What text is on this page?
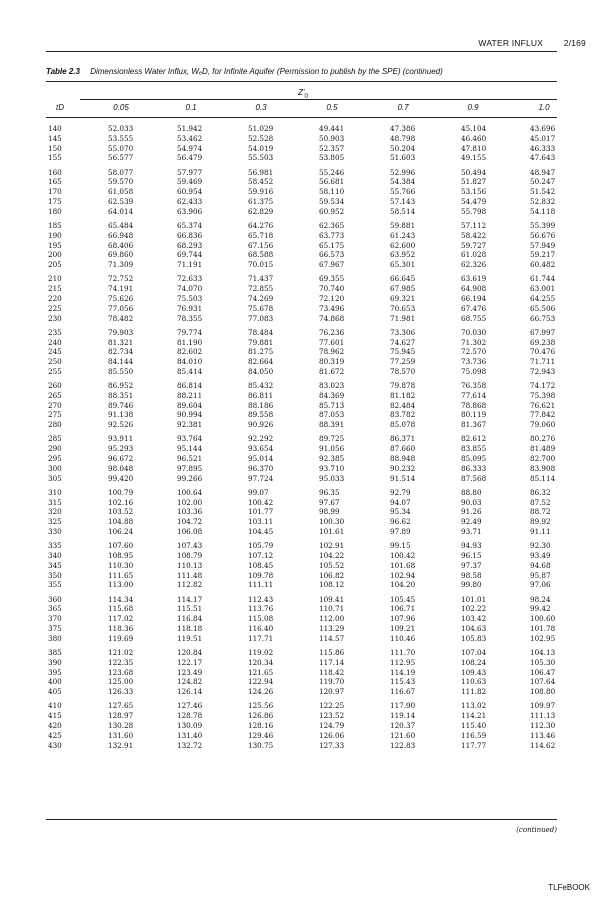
WATER INFLUX 2/169
Table 2.3 Dimensionless Water Influx, WₑD, for Infinite Aquifer (Permission to publish by the SPE) (continued)
$Z'_D$
tD	0.05	0.1	0.3	0.5	0.7	0.9	1.0
140	52.033	51.942	51.029	49.441	47.386	45.104	43.696
145	53.555	53.462	52.528	50.903	48.798	46.460	45.017
150	55.070	54.974	54.019	52.357	50.204	47.810	46.333
155	56.577	56.479	55.503	53.805	51.603	49.155	47.643
160	58.077	57.977	56.981	55.246	52.996	50.494	48.947
165	59.570	59.469	58.452	56.681	54.384	51.827	50.247
170	61.058	60.954	59.916	58.110	55.766	53.156	51.542
175	62.539	62.433	61.375	59.534	57.143	54.479	52.832
180	64.014	63.906	62.829	60.952	58.514	55.798	54.118
185	65.484	65.374	64.276	62.365	59.881	57.112	55.399
190	66.948	66.836	65.718	63.773	61.243	58.422	56.676
195	68.406	68.293	67.156	65.175	62.600	59.727	57.949
200	69.860	69.744	68.588	66.573	63.952	61.028	59.217
205	71.309	71.191	70.015	67.967	65.301	62.326	60.482
210	72.752	72.633	71.437	69.355	66.645	63.619	61.744
215	74.191	74.070	72.855	70.740	67.985	64.908	63.001
220	75.626	75.503	74.269	72.120	69.321	66.194	64.255
225	77.056	76.931	75.678	73.496	70.653	67.476	65.506
230	78.482	78.355	77.083	74.868	71.981	68.755	66.753
235	79.903	79.774	78.484	76.236	73.306	70.030	67.997
240	81.321	81.190	79.881	77.601	74.627	71.302	69.238
245	82.734	82.602	81.275	78.962	75.945	72.570	70.476
250	84.144	84.010	82.664	80.319	77.259	73.736	71.711
255	85.550	85.414	84.050	81.672	78.570	75.098	72.943
260	86.952	86.814	85.432	83.023	79.878	76.358	74.172
265	88.351	88.211	86.811	84.369	81.182	77.614	75.398
270	89.746	89.604	88.186	85.713	82.484	78.868	76.621
275	91.138	90.994	89.558	87.053	83.782	80.119	77.842
280	92.526	92.381	90.926	88.391	85.078	81.367	79.060
285	93.911	93.764	92.292	89.725	86.371	82.612	80.276
290	95.293	95.144	93.654	91.056	87.660	83.855	81.489
295	96.672	96.521	95.014	92.385	88.948	85.095	82.700
300	98.048	97.895	96.370	93.710	90.232	86.333	83.908
305	99.420	99.266	97.724	95.033	91.514	87.568	85.114
310	100.79	100.64	99.07	96.35	92.79	88.80	86.32
315	102.16	102.00	100.42	97.67	94.07	90.03	87.52
320	103.52	103.36	101.77	98.99	95.34	91.26	88.72
325	104.88	104.72	103.11	100.30	96.62	92.49	89.92
330	106.24	106.08	104.45	101.61	97.89	93.71	91.11
335	107.60	107.43	105.79	102.91	99.15	94.93	92.30
340	108.95	108.79	107.12	104.22	100.42	96.15	93.49
345	110.30	110.13	108.45	105.52	101.68	97.37	94.68
350	111.65	111.48	109.78	106.82	102.94	98.58	95.87
355	113.00	112.82	111.11	108.12	104.20	99.80	97.06
360	114.34	114.17	112.43	109.41	105.45	101.01	98.24
365	115.68	115.51	113.76	110.71	106.71	102.22	99.42
370	117.02	116.84	115.08	112.00	107.96	103.42	100.60
375	118.36	118.18	116.40	113.29	109.21	104.63	101.78
380	119.69	119.51	117.71	114.57	110.46	105.83	102.95
385	121.02	120.84	119.02	115.86	111.70	107.04	104.13
390	122.35	122.17	120.34	117.14	112.95	108.24	105.30
395	123.68	123.49	121.65	118.42	114.19	109.43	106.47
400	125.00	124.82	122.94	119.70	115.43	110.63	107.64
405	126.33	126.14	124.26	120.97	116.67	111.82	108.80
410	127.65	127.46	125.56	122.25	117.90	113.02	109.97
415	128.97	128.78	126.86	123.52	119.14	114.21	111.13
420	130.28	130.09	128.16	124.79	120.37	115.40	112.30
425	131.60	131.40	129.46	126.06	121.60	116.59	113.46
430	132.91	132.72	130.75	127.33	122.83	117.77	114.62
(continued)
TLFeBOOK
